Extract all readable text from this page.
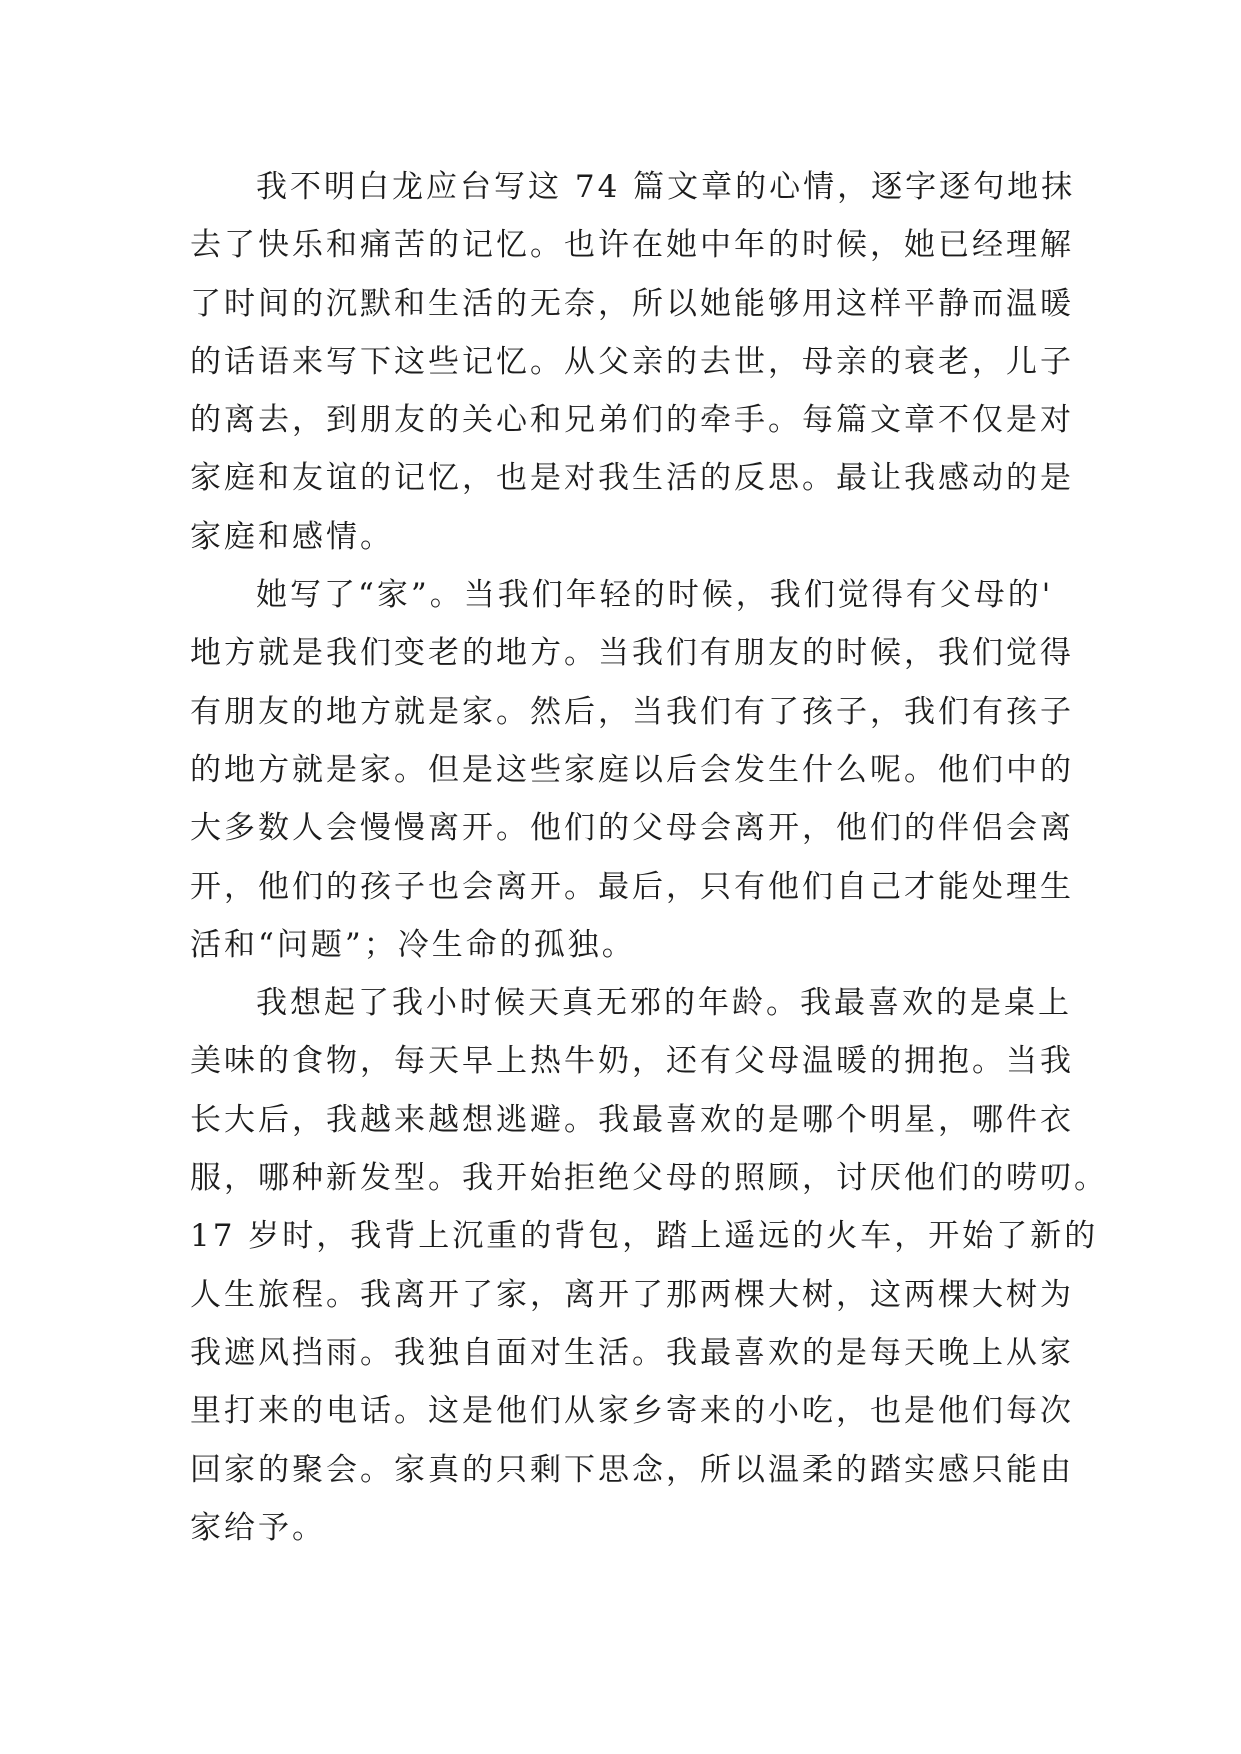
我不明白龙应台写这 74 篇文章的心情，逐字逐句地抹
去了快乐和痛苦的记忆。也许在她中年的时候，她已经理解
了时间的沉默和生活的无奈，所以她能够用这样平静而温暖
的话语来写下这些记忆。从父亲的去世，母亲的衰老，儿子
的离去，到朋友的关心和兄弟们的牵手。每篇文章不仅是对
家庭和友谊的记忆，也是对我生活的反思。最让我感动的是
家庭和感情。
她写了“家”。当我们年轻的时候，我们觉得有父母的'
地方就是我们变老的地方。当我们有朋友的时候，我们觉得
有朋友的地方就是家。然后，当我们有了孩子，我们有孩子
的地方就是家。但是这些家庭以后会发生什么呢。他们中的
大多数人会慢慢离开。他们的父母会离开，他们的伴侣会离
开，他们的孩子也会离开。最后，只有他们自己才能处理生
活和“问题”；冷生命的孤独。
我想起了我小时候天真无邪的年龄。我最喜欢的是桌上
美味的食物，每天早上热牛奶，还有父母温暖的拥抱。当我
长大后，我越来越想逃避。我最喜欢的是哪个明星，哪件衣
服，哪种新发型。我开始拒绝父母的照顾，讨厌他们的唠叨。
17 岁时，我背上沉重的背包，踏上遥远的火车，开始了新的
人生旅程。我离开了家，离开了那两棵大树，这两棵大树为
我遮风挡雨。我独自面对生活。我最喜欢的是每天晚上从家
里打来的电话。这是他们从家乡寄来的小吃，也是他们每次
回家的聚会。家真的只剩下思念，所以温柔的踏实感只能由
家给予。
